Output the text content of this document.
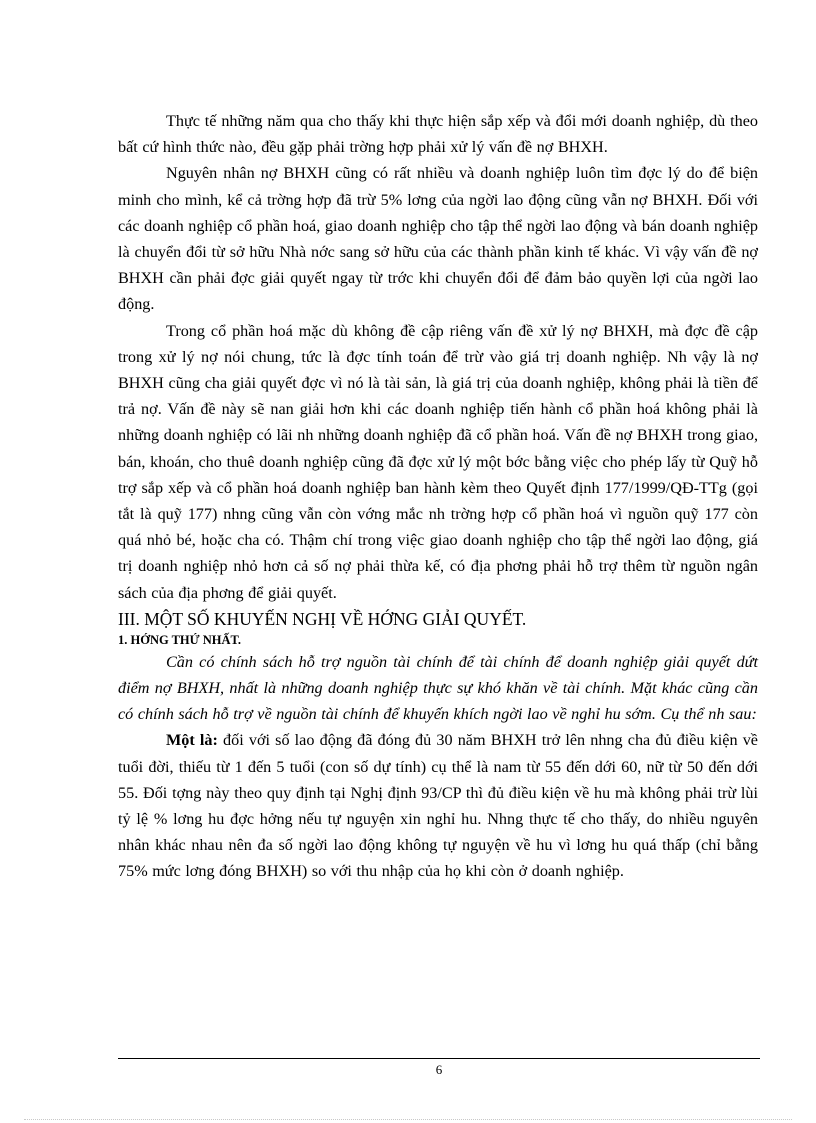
Thực tế những năm qua cho thấy khi thực hiện sắp xếp và đổi mới doanh nghiệp, dù theo bất cứ hình thức nào, đều gặp phải trờng hợp phải xử lý vấn đề nợ BHXH.

Nguyên nhân nợ BHXH cũng có rất nhiều và doanh nghiệp luôn tìm đợc lý do để biện minh cho mình, kể cả trờng hợp đã trừ 5% lơng của ngời lao động cũng vẫn nợ BHXH. Đối với các doanh nghiệp cổ phần hoá, giao doanh nghiệp cho tập thể ngời lao động và bán doanh nghiệp là chuyển đổi từ sở hữu Nhà nớc sang sở hữu của các thành phần kinh tế khác. Vì vậy vấn đề nợ BHXH cần phải đợc giải quyết ngay từ trớc khi chuyển đổi để đảm bảo quyền lợi của ngời lao động.

Trong cổ phần hoá mặc dù không đề cập riêng vấn đề xử lý nợ BHXH, mà đợc đề cập trong xử lý nợ nói chung, tức là đợc tính toán để trừ vào giá trị doanh nghiệp. Nh vậy là nợ BHXH cũng cha giải quyết đợc vì nó là tài sản, là giá trị của doanh nghiệp, không phải là tiền để trả nợ. Vấn đề này sẽ nan giải hơn khi các doanh nghiệp tiến hành cổ phần hoá không phải là những doanh nghiệp có lãi nh những doanh nghiệp đã cổ phần hoá. Vấn đề nợ BHXH trong giao, bán, khoán, cho thuê doanh nghiệp cũng đã đợc xử lý một bớc bằng việc cho phép lấy từ Quỹ hỗ trợ sắp xếp và cổ phần hoá doanh nghiệp ban hành kèm theo Quyết định 177/1999/QĐ-TTg (gọi tắt là quỹ 177) nhng cũng vẫn còn vớng mắc nh trờng hợp cổ phần hoá vì nguồn quỹ 177 còn quá nhỏ bé, hoặc cha có. Thậm chí trong việc giao doanh nghiệp cho tập thể ngời lao động, giá trị doanh nghiệp nhỏ hơn cả số nợ phải thừa kế, có địa phơng phải hỗ trợ thêm từ nguồn ngân sách của địa phơng để giải quyết.

III. MỘT SỐ KHUYẾN NGHỊ VỀ HỚNG GIẢI QUYẾT.

1. HỚNG THỨ NHẤT.

Cần có chính sách hỗ trợ nguồn tài chính để tài chính để doanh nghiệp giải quyết dứt điểm nợ BHXH, nhất là những doanh nghiệp thực sự khó khăn về tài chính. Mặt khác cũng cần có chính sách hỗ trợ về nguồn tài chính để khuyến khích ngời lao về nghỉ hu sớm. Cụ thể nh sau:

Một là: đối với số lao động đã đóng đủ 30 năm BHXH trở lên nhng cha đủ điều kiện về tuổi đời, thiếu từ 1 đến 5 tuổi (con số dự tính) cụ thể là nam từ 55 đến dới 60, nữ từ 50 đến dới 55. Đối tợng này theo quy định tại Nghị định 93/CP thì đủ điều kiện về hu mà không phải trừ lùi tỷ lệ % lơng hu đợc hởng nếu tự nguyện xin nghỉ hu. Nhng thực tế cho thấy, do nhiều nguyên nhân khác nhau nên đa số ngời lao động không tự nguyện về hu vì lơng hu quá thấp (chỉ bằng 75% mức lơng đóng BHXH) so với thu nhập của họ khi còn ở doanh nghiệp.

6
